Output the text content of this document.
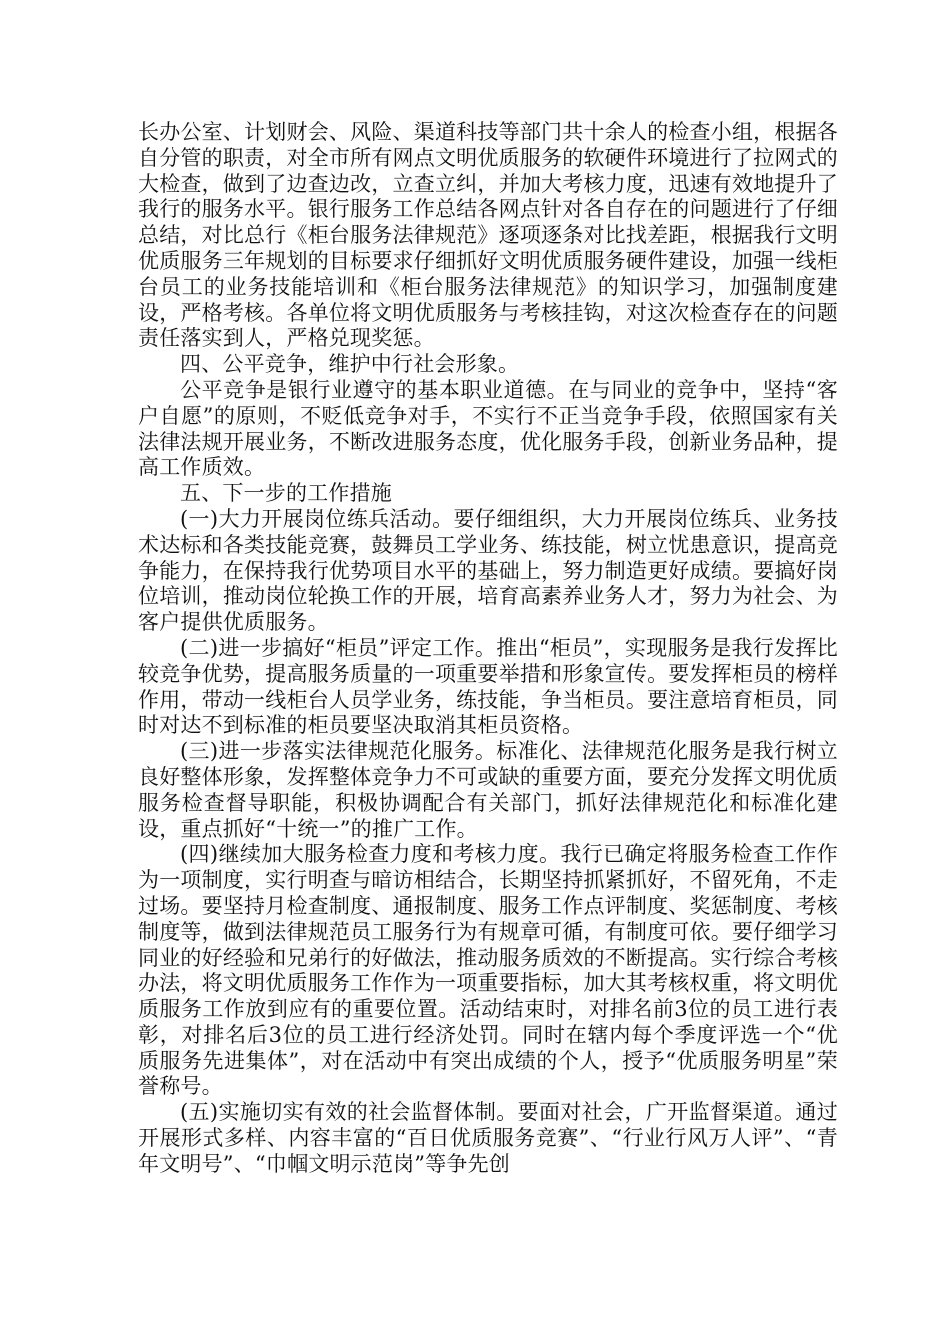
长办公室、计划财会、风险、渠道科技等部门共十余人的检查小组，根据各自分管的职责，对全市所有网点文明优质服务的软硬件环境进行了拉网式的大检查，做到了边查边改，立查立纠，并加大考核力度，迅速有效地提升了我行的服务水平。银行服务工作总结各网点针对各自存在的问题进行了仔细总结，对比总行《柜台服务法律规范》逐项逐条对比找差距，根据我行文明优质服务三年规划的目标要求仔细抓好文明优质服务硬件建设，加强一线柜台员工的业务技能培训和《柜台服务法律规范》的知识学习，加强制度建设，严格考核。各单位将文明优质服务与考核挂钩，对这次检查存在的问题责任落实到人，严格兑现奖惩。

四、公平竞争，维护中行社会形象。

公平竞争是银行业遵守的基本职业道德。在与同业的竞争中，坚持“客户自愿”的原则，不贬低竞争对手，不实行不正当竞争手段，依照国家有关法律法规开展业务，不断改进服务态度，优化服务手段，创新业务品种，提高工作质效。

五、下一步的工作措施

(一)大力开展岗位练兵活动。要仔细组织，大力开展岗位练兵、业务技术达标和各类技能竞赛，鼓舞员工学业务、练技能，树立忧患意识，提高竞争能力，在保持我行优势项目水平的基础上，努力制造更好成绩。要搞好岗位培训，推动岗位轮换工作的开展，培育高素养业务人才，努力为社会、为客户提供优质服务。

(二)进一步搞好“柜员”评定工作。推出“柜员”，实现服务是我行发挥比较竞争优势，提高服务质量的一项重要举措和形象宣传。要发挥柜员的榜样作用，带动一线柜台人员学业务，练技能，争当柜员。要注意培育柜员，同时对达不到标准的柜员要坚决取消其柜员资格。

(三)进一步落实法律规范化服务。标准化、法律规范化服务是我行树立良好整体形象，发挥整体竞争力不可或缺的重要方面，要充分发挥文明优质服务检查督导职能，积极协调配合有关部门，抓好法律规范化和标准化建设，重点抓好“十统一”的推广工作。

(四)继续加大服务检查力度和考核力度。我行已确定将服务检查工作作为一项制度，实行明查与暗访相结合，长期坚持抓紧抓好，不留死角，不走过场。要坚持月检查制度、通报制度、服务工作点评制度、奖惩制度、考核制度等，做到法律规范员工服务行为有规章可循，有制度可依。要仔细学习同业的好经验和兄弟行的好做法，推动服务质效的不断提高。实行综合考核办法，将文明优质服务工作作为一项重要指标，加大其考核权重，将文明优质服务工作放到应有的重要位置。活动结束时，对排名前3位的员工进行表彰，对排名后3位的员工进行经济处罚。同时在辖内每个季度评选一个“优质服务先进集体”，对在活动中有突出成绩的个人，授予“优质服务明星”荣誉称号。

(五)实施切实有效的社会监督体制。要面对社会，广开监督渠道。通过开展形式多样、内容丰富的“百日优质服务竞赛”、“行业行风万人评”、“青年文明号”、“巾帼文明示范岗”等争先创
